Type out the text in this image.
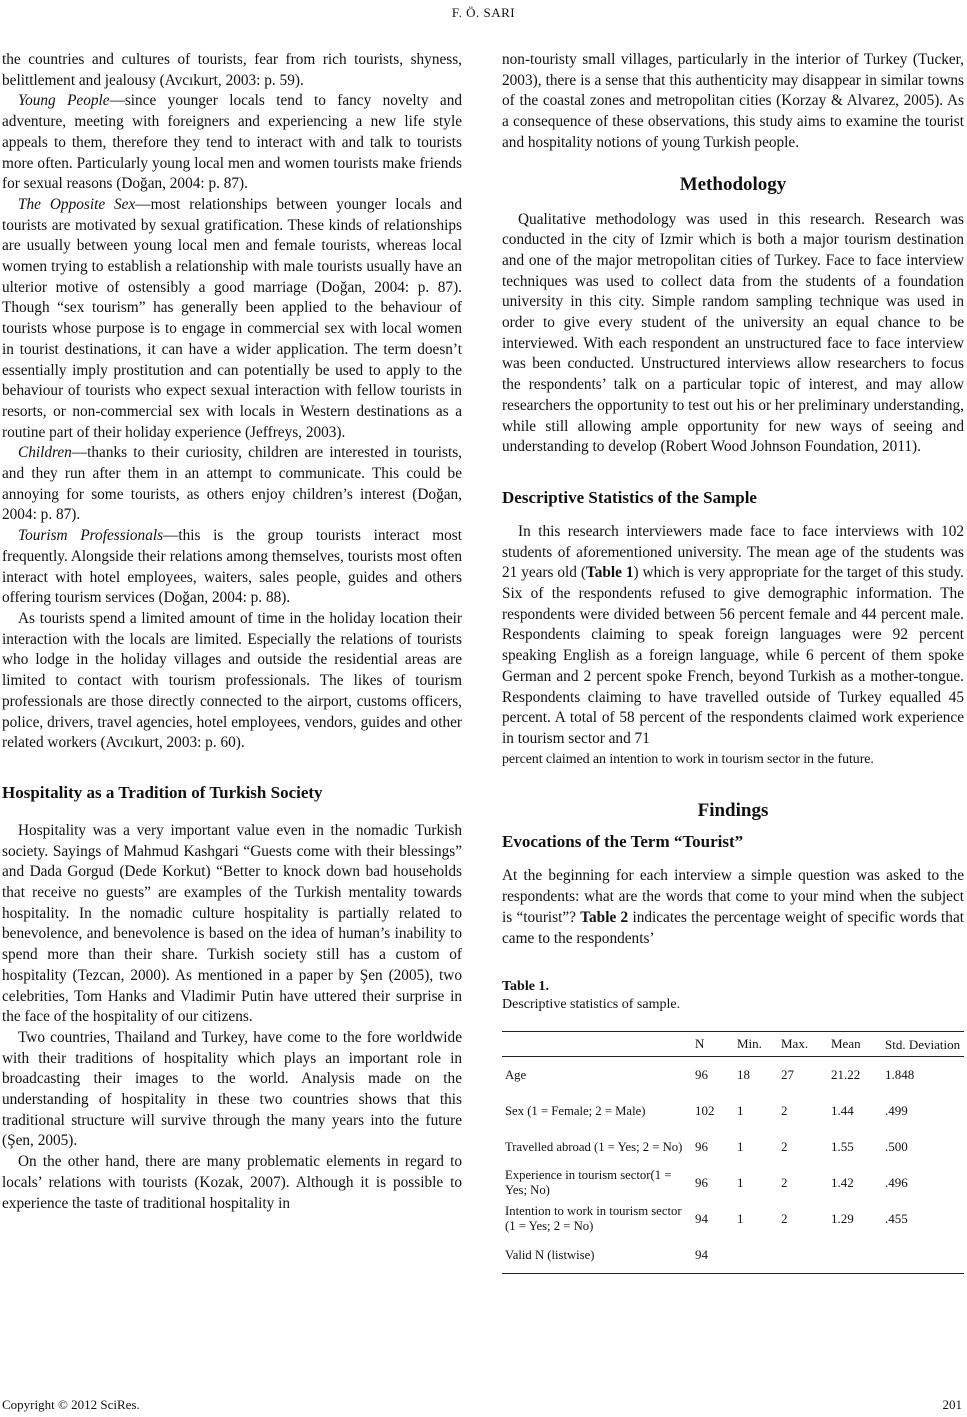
F. Ö. SARI

the countries and cultures of tourists, fear from rich tourists, shyness, belittlement and jealousy (Avcıkurt, 2003: p. 59).

Young People—since younger locals tend to fancy novelty and adventure, meeting with foreigners and experiencing a new life style appeals to them, therefore they tend to interact with and talk to tourists more often. Particularly young local men and women tourists make friends for sexual reasons (Doğan, 2004: p. 87).

The Opposite Sex—most relationships between younger locals and tourists are motivated by sexual gratification. These kinds of relationships are usually between young local men and female tourists, whereas local women trying to establish a relationship with male tourists usually have an ulterior motive of ostensibly a good marriage (Doğan, 2004: p. 87). Though “sex tourism” has generally been applied to the behaviour of tourists whose purpose is to engage in commercial sex with local women in tourist destinations, it can have a wider application. The term doesn’t essentially imply prostitution and can potentially be used to apply to the behaviour of tourists who expect sexual interaction with fellow tourists in resorts, or non-commercial sex with locals in Western destinations as a routine part of their holiday experience (Jeffreys, 2003).

Children—thanks to their curiosity, children are interested in tourists, and they run after them in an attempt to communicate. This could be annoying for some tourists, as others enjoy children’s interest (Doğan, 2004: p. 87).

Tourism Professionals—this is the group tourists interact most frequently. Alongside their relations among themselves, tourists most often interact with hotel employees, waiters, sales people, guides and others offering tourism services (Doğan, 2004: p. 88).

As tourists spend a limited amount of time in the holiday location their interaction with the locals are limited. Especially the relations of tourists who lodge in the holiday villages and outside the residential areas are limited to contact with tourism professionals. The likes of tourism professionals are those directly connected to the airport, customs officers, police, drivers, travel agencies, hotel employees, vendors, guides and other related workers (Avcıkurt, 2003: p. 60).

Hospitality as a Tradition of Turkish Society

Hospitality was a very important value even in the nomadic Turkish society. Sayings of Mahmud Kashgari “Guests come with their blessings” and Dada Gorgud (Dede Korkut) “Better to knock down bad households that receive no guests” are examples of the Turkish mentality towards hospitality. In the nomadic culture hospitality is partially related to benevolence, and benevolence is based on the idea of human’s inability to spend more than their share. Turkish society still has a custom of hospitality (Tezcan, 2000). As mentioned in a paper by Şen (2005), two celebrities, Tom Hanks and Vladimir Putin have uttered their surprise in the face of the hospitality of our citizens.

Two countries, Thailand and Turkey, have come to the fore worldwide with their traditions of hospitality which plays an important role in broadcasting their images to the world. Analysis made on the understanding of hospitality in these two countries shows that this traditional structure will survive through the many years into the future (Şen, 2005).

On the other hand, there are many problematic elements in regard to locals’ relations with tourists (Kozak, 2007). Although it is possible to experience the taste of traditional hospitality in

non-touristy small villages, particularly in the interior of Turkey (Tucker, 2003), there is a sense that this authenticity may disappear in similar towns of the coastal zones and metropolitan cities (Korzay & Alvarez, 2005). As a consequence of these observations, this study aims to examine the tourist and hospitality notions of young Turkish people.

Methodology

Qualitative methodology was used in this research. Research was conducted in the city of Izmir which is both a major tourism destination and one of the major metropolitan cities of Turkey. Face to face interview techniques was used to collect data from the students of a foundation university in this city. Simple random sampling technique was used in order to give every student of the university an equal chance to be interviewed. With each respondent an unstructured face to face interview was been conducted. Unstructured interviews allow researchers to focus the respondents’ talk on a particular topic of interest, and may allow researchers the opportunity to test out his or her preliminary understanding, while still allowing ample opportunity for new ways of seeing and understanding to develop (Robert Wood Johnson Foundation, 2011).

Descriptive Statistics of the Sample

In this research interviewers made face to face interviews with 102 students of aforementioned university. The mean age of the students was 21 years old (Table 1) which is very appropriate for the target of this study. Six of the respondents refused to give demographic information. The respondents were divided between 56 percent female and 44 percent male. Respondents claiming to speak foreign languages were 92 percent speaking English as a foreign language, while 6 percent of them spoke German and 2 percent spoke French, beyond Turkish as a mother-tongue. Respondents claiming to have travelled outside of Turkey equalled 45 percent. A total of 58 percent of the respondents claimed work experience in tourism sector and 71

percent claimed an intention to work in tourism sector in the future.

Findings
Evocations of the Term “Tourist”

At the beginning for each interview a simple question was asked to the respondents: what are the words that come to your mind when the subject is “tourist”? Table 2 indicates the percentage weight of specific words that came to the respondents’

Table 1.
Descriptive statistics of sample.
	N	Min.	Max.	Mean	Std. Deviation
Age	96	18	27	21.22	1.848
Sex (1 = Female; 2 = Male)	102	1	2	1.44	.499
Travelled abroad (1 = Yes; 2 = No)	96	1	2	1.55	.500
Experience in tourism sector(1 = Yes; No)	96	1	2	1.42	.496
Intention to work in tourism sector (1 = Yes; 2 = No)	94	1	2	1.29	.455
Valid N (listwise)	94				
Copyright © 2012 SciRes.	201
